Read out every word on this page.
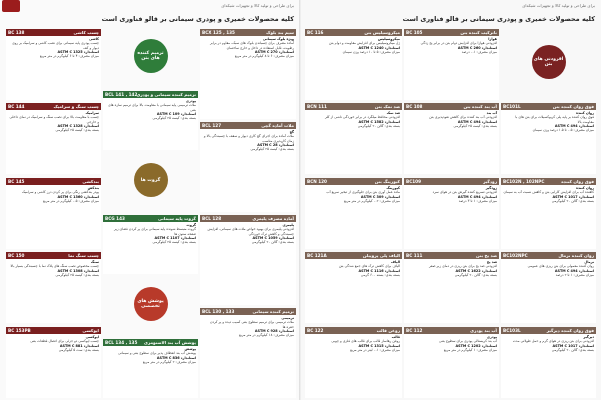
برای طراحی و تولید کالا و تجهیزات شبکه‌ای
کلیه محصولات خمیری و پودری سیمانی بر قالو فناوری است
سیم بند بلوک
BCX 125 , 135
ویژه بلوک سیمانی
آماده مصرف برای چسباندن بلوک های سبک، مقاوم در برابر رطوبت، قابل استفاده در داخل و خارج ساختمان
استاندارد ASTM C 270
میزان مصرف: ۶ تا ۸ کیلوگرم در متر مربع
ملات آماده گچی
BCL 127
گچ
ملات آماده برای اجرای گچ کاری دیوار و سقف با چسبندگی بالا و زمان کارپذیری مناسب
استاندارد ASTM C 28
بسته بندی: کیسه ۲۵ کیلوگرمی
آماده مصرف پلیمری
BCL 128
پلیمری
افزودنی پلیمری برای بهبود خواص ملات های سیمانی، افزایش چسبندگی و کاهش ترک خوردگی
استاندارد ASTM C 1059
بسته بندی: گالن ۲۰ کیلوگرمی
ترمیم کننده سیمانی
BCL 130 , 133
ترمیمی
ملات ترمیمی برای ترمیم سطوح بتنی آسیب دیده و پر کردن حفره ها
استاندارد ASTM C 928
میزان مصرف: ۱۸ کیلوگرم در متر مربع
ترمیم کننده های بتن
ترمیم کننده سیمانی و پودری
BCL 141 , 142
پودری
ملات ترمیمی پایه سیمانی با مقاومت بالا برای ترمیم سازه های بتنی
استاندارد ASTM C 109
بسته بندی: کیسه ۲۵ کیلوگرمی
گروت ها
گروت پایه سیمانی
BCG 143
گروت
گروت منبسط شونده پایه سیمانی برای پر کردن فضای زیر صفحه ستون ها
استاندارد ASTM C 1107
بسته بندی: کیسه ۲۵ کیلوگرمی
پوشش های تخصصی
پوشش آب بند الاستومری
BCL 134 , 135
پوشش
پوشش آب بند انعطاف پذیر برای سطوح بتنی و سیمانی
استاندارد ASTM C 836
میزان مصرف: ۲ کیلوگرم در متر مربع
چسب کاشی
BC 138
کاشی
چسب پودری پایه سیمانی برای نصب کاشی و سرامیک بر روی دیوار و کف
استاندارد ASTM C 1325
میزان مصرف: ۴ تا ۶ کیلوگرم در متر مربع
چسب سنگ و سرامیک
BC 144
سرامیک
چسب با مقاومت بالا برای نصب سنگ و سرامیک در نمای داخلی و خارجی
استاندارد ASTM C 1328
بسته بندی: کیسه ۲۵ کیلوگرمی
بندکشی
BC 145
بندکش
پودر بندکشی رنگی برای پر کردن درز کاشی و سرامیک
استاندارد ASTM C 1360
میزان مصرف: ۰.۵ کیلوگرم در متر مربع
چسب سنگ نما
BC 150
سنگ
چسب مخصوص نصب سنگ های پلاک نما با چسبندگی بسیار بالا
استاندارد ASTM C 1308
بسته بندی: کیسه ۲۵ کیلوگرمی
اپوکسی
BC 153PB
اپوکسی
چسب اپوکسی دو جزئی برای اتصال قطعات بتنی
استاندارد ASTM C 881
بسته بندی: ست ۵ کیلوگرمی
برای طراحی و تولید کالا و تجهیزات شبکه‌ای
کلیه محصولات خمیری و پودری سیمانی بر قالو فناوری است
افزودنی های بتن
فوق روان کننده بتن
BC101L
روان کننده
فوق روان کننده بر پایه پلی کربوکسیلات برای بتن های با مقاومت بالا
استاندارد ASTM C 494
میزان مصرف: ۰.۵ تا ۱.۵ درصد وزن سیمان
فوق روان کننده
BC102N , 102NPC
روان کننده
کاهنده آب برای افزایش کارایی بتن و کاهش نسبت آب به سیمان
استاندارد ASTM C 1017
بسته بندی: گالن ۲۰ کیلوگرمی
روان کننده نرمال
BC102NPC
نرمال
روان کننده معمولی برای بتن ریزی های عمومی
استاندارد ASTM C 494
میزان مصرف: ۱ تا ۲ درصد
فوق روان کننده دیرگیر
BC103L
دیرگیر
افزودنی برای بتن ریزی در هوای گرم و حمل طولانی مدت
استاندارد ASTM C 1017
بسته بندی: گالن ۲۰ کیلوگرمی
ناترکیب کننده بتن
BC 105
هوازا
افزودنی هوازا برای افزایش دوام بتن در برابر یخ زدگی
استاندارد ASTM C 260
میزان مصرف: ۰.۱ درصد
آب بند کننده بتن
BC 108
آب بند
افزودنی آب بند کننده برای کاهش نفوذپذیری بتن
استاندارد ASTM C 494
بسته بندی: کیسه ۲۵ کیلوگرمی
زودگیر
BC109
زودگیر
افزودنی تسریع کننده گیرش بتن در هوای سرد
استاندارد ASTM C 494
میزان مصرف: ۱ تا ۳ درصد
ضد یخ بتن
BC 111
ضد یخ
افزودنی ضد یخ برای بتن ریزی در دمای زیر صفر
استاندارد ASTM C 1622
بسته بندی: گالن ۲۰ کیلوگرمی
آب بند پودری
BC 112
پودری
آب بند کریستالی پودری برای سطوح بتنی
استاندارد ASTM C 1202
میزان مصرف: ۱ کیلوگرم در متر مربع
میکروسیلیس بتن
BC 116
میکروسیلیس
ژل میکروسیلیس برای افزایش مقاومت و دوام بتن
استاندارد ASTM C 1240
میزان مصرف: ۵ تا ۱۰ درصد وزن سیمان
ضد نمک بتن
BCN 111
ضد نمک
افزودنی محافظ میلگرد در برابر خوردگی ناشی از کلر
استاندارد ASTM C 1582
بسته بندی: گالن ۲۰ کیلوگرمی
کیورینگ بتن
BCN 120
کیورینگ
ماده عمل آوری بتن برای جلوگیری از تبخیر سریع آب
استاندارد ASTM C 309
میزان مصرف: ۰.۲ کیلوگرم در متر مربع
الیاف پلی پروپیلن
BC 121A
الیاف
الیاف برای کاهش ترک های جمع شدگی بتن
استاندارد ASTM C 1116
بسته بندی: بسته ۶۰۰ گرمی
روغن قالب
BC 122
قالب
روغن رهاساز قالب برای قالب های فلزی و چوبی
استاندارد ASTM C 1315
میزان مصرف: ۰.۱ لیتر در متر مربع
